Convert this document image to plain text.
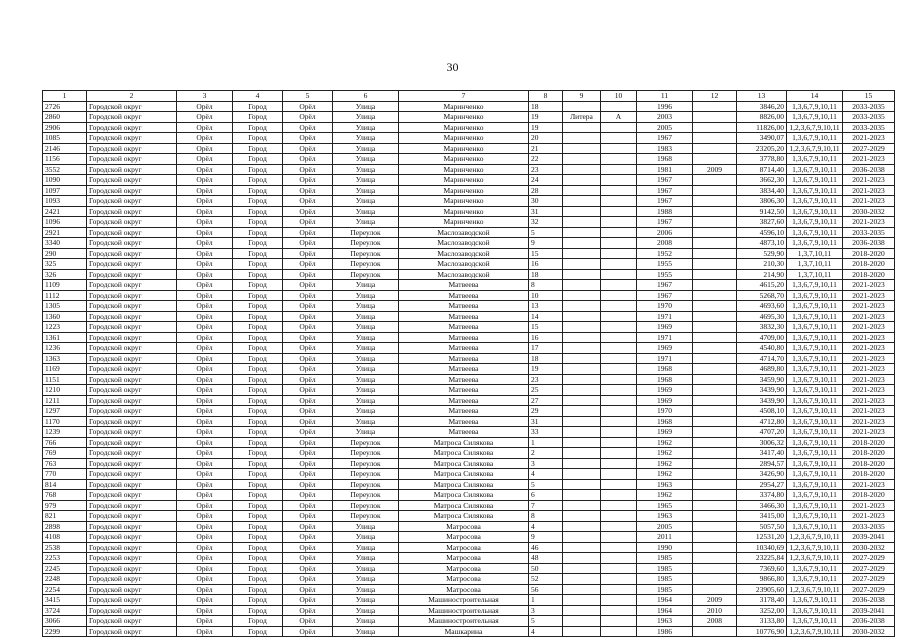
30
1	2	3	4	5	6	7	8	9	10	11	12	13	14	15
2726	Городской округ	Орёл	Город	Орёл	Улица	Маринченко	18			1996		3846,20	1,3,6,7,9,10,11	2033-2035
2860	Городской округ	Орёл	Город	Орёл	Улица	Маринченко	19	Литера	А	2003		8826,00	1,3,6,7,9,10,11	2033-2035
2906	Городской округ	Орёл	Город	Орёл	Улица	Маринченко	19			2005		11826,00	1,2,3,6,7,9,10,11	2033-2035
1085	Городской округ	Орёл	Город	Орёл	Улица	Маринченко	20			1967		3490,07	1,3,6,7,9,10,11	2021-2023
2146	Городской округ	Орёл	Город	Орёл	Улица	Маринченко	21			1983		23205,20	1,2,3,6,7,9,10,11	2027-2029
1156	Городской округ	Орёл	Город	Орёл	Улица	Маринченко	22			1968		3778,80	1,3,6,7,9,10,11	2021-2023
3552	Городской округ	Орёл	Город	Орёл	Улица	Маринченко	23			1981	2009	8714,40	1,3,6,7,9,10,11	2036-2038
1090	Городской округ	Орёл	Город	Орёл	Улица	Маринченко	24			1967		3662,30	1,3,6,7,9,10,11	2021-2023
1097	Городской округ	Орёл	Город	Орёл	Улица	Маринченко	28			1967		3834,40	1,3,6,7,9,10,11	2021-2023
1093	Городской округ	Орёл	Город	Орёл	Улица	Маринченко	30			1967		3806,30	1,3,6,7,9,10,11	2021-2023
2421	Городской округ	Орёл	Город	Орёл	Улица	Маринченко	31			1988		9142,50	1,3,6,7,9,10,11	2030-2032
1096	Городской округ	Орёл	Город	Орёл	Улица	Маринченко	32			1967		3827,60	1,3,6,7,9,10,11	2021-2023
2921	Городской округ	Орёл	Город	Орёл	Переулок	Маслозаводской	5			2006		4596,10	1,3,6,7,9,10,11	2033-2035
3340	Городской округ	Орёл	Город	Орёл	Переулок	Маслозаводской	9			2008		4873,10	1,3,6,7,9,10,11	2036-2038
290	Городской округ	Орёл	Город	Орёл	Переулок	Маслозаводской	15			1952		529,90	1,3,7,10,11	2018-2020
325	Городской округ	Орёл	Город	Орёл	Переулок	Маслозаводской	16			1955		210,30	1,3,7,10,11	2018-2020
326	Городской округ	Орёл	Город	Орёл	Переулок	Маслозаводской	18			1955		214,90	1,3,7,10,11	2018-2020
1109	Городской округ	Орёл	Город	Орёл	Улица	Матвеева	8			1967		4615,20	1,3,6,7,9,10,11	2021-2023
1112	Городской округ	Орёл	Город	Орёл	Улица	Матвеева	10			1967		5268,70	1,3,6,7,9,10,11	2021-2023
1305	Городской округ	Орёл	Город	Орёл	Улица	Матвеева	13			1970		4693,60	1,3,6,7,9,10,11	2021-2023
1360	Городской округ	Орёл	Город	Орёл	Улица	Матвеева	14			1971		4695,30	1,3,6,7,9,10,11	2021-2023
1223	Городской округ	Орёл	Город	Орёл	Улица	Матвеева	15			1969		3832,30	1,3,6,7,9,10,11	2021-2023
1361	Городской округ	Орёл	Город	Орёл	Улица	Матвеева	16			1971		4709,00	1,3,6,7,9,10,11	2021-2023
1236	Городской округ	Орёл	Город	Орёл	Улица	Матвеева	17			1969		4540,80	1,3,6,7,9,10,11	2021-2023
1363	Городской округ	Орёл	Город	Орёл	Улица	Матвеева	18			1971		4714,70	1,3,6,7,9,10,11	2021-2023
1169	Городской округ	Орёл	Город	Орёл	Улица	Матвеева	19			1968		4689,80	1,3,6,7,9,10,11	2021-2023
1151	Городской округ	Орёл	Город	Орёл	Улица	Матвеева	23			1968		3459,90	1,3,6,7,9,10,11	2021-2023
1210	Городской округ	Орёл	Город	Орёл	Улица	Матвеева	25			1969		3439,90	1,3,6,7,9,10,11	2021-2023
1211	Городской округ	Орёл	Город	Орёл	Улица	Матвеева	27			1969		3439,90	1,3,6,7,9,10,11	2021-2023
1297	Городской округ	Орёл	Город	Орёл	Улица	Матвеева	29			1970		4508,10	1,3,6,7,9,10,11	2021-2023
1170	Городской округ	Орёл	Город	Орёл	Улица	Матвеева	31			1968		4712,80	1,3,6,7,9,10,11	2021-2023
1239	Городской округ	Орёл	Город	Орёл	Улица	Матвеева	33			1969		4707,20	1,3,6,7,9,10,11	2021-2023
766	Городской округ	Орёл	Город	Орёл	Переулок	Матроса Силякова	1			1962		3006,32	1,3,6,7,9,10,11	2018-2020
769	Городской округ	Орёл	Город	Орёл	Переулок	Матроса Силякова	2			1962		3417,40	1,3,6,7,9,10,11	2018-2020
763	Городской округ	Орёл	Город	Орёл	Переулок	Матроса Силякова	3			1962		2894,57	1,3,6,7,9,10,11	2018-2020
770	Городской округ	Орёл	Город	Орёл	Переулок	Матроса Силякова	4			1962		3426,90	1,3,6,7,9,10,11	2018-2020
814	Городской округ	Орёл	Город	Орёл	Переулок	Матроса Силякова	5			1963		2954,27	1,3,6,7,9,10,11	2021-2023
768	Городской округ	Орёл	Город	Орёл	Переулок	Матроса Силякова	6			1962		3374,80	1,3,6,7,9,10,11	2018-2020
979	Городской округ	Орёл	Город	Орёл	Переулок	Матроса Силякова	7			1965		3466,30	1,3,6,7,9,10,11	2021-2023
821	Городской округ	Орёл	Город	Орёл	Переулок	Матроса Силякова	8			1963		3415,00	1,3,6,7,9,10,11	2021-2023
2898	Городской округ	Орёл	Город	Орёл	Улица	Матросова	4			2005		5057,50	1,3,6,7,9,10,11	2033-2035
4108	Городской округ	Орёл	Город	Орёл	Улица	Матросова	9			2011		12531,20	1,2,3,6,7,9,10,11	2039-2041
2538	Городской округ	Орёл	Город	Орёл	Улица	Матросова	46			1990		10340,69	1,2,3,6,7,9,10,11	2030-2032
2253	Городской округ	Орёл	Город	Орёл	Улица	Матросова	48			1985		23225,84	1,2,3,6,7,9,10,11	2027-2029
2245	Городской округ	Орёл	Город	Орёл	Улица	Матросова	50			1985		7369,60	1,3,6,7,9,10,11	2027-2029
2248	Городской округ	Орёл	Город	Орёл	Улица	Матросова	52			1985		9866,80	1,3,6,7,9,10,11	2027-2029
2254	Городской округ	Орёл	Город	Орёл	Улица	Матросова	56			1985		23905,60	1,2,3,6,7,9,10,11	2027-2029
3415	Городской округ	Орёл	Город	Орёл	Улица	Машиностроительная	1			1964	2009	3178,40	1,3,6,7,9,10,11	2036-2038
3724	Городской округ	Орёл	Город	Орёл	Улица	Машиностроительная	3			1964	2010	3252,00	1,3,6,7,9,10,11	2039-2041
3066	Городской округ	Орёл	Город	Орёл	Улица	Машиностроительная	5			1963	2008	3133,80	1,3,6,7,9,10,11	2036-2038
2299	Городской округ	Орёл	Город	Орёл	Улица	Машкарина	4			1986		10776,90	1,2,3,6,7,9,10,11	2030-2032
